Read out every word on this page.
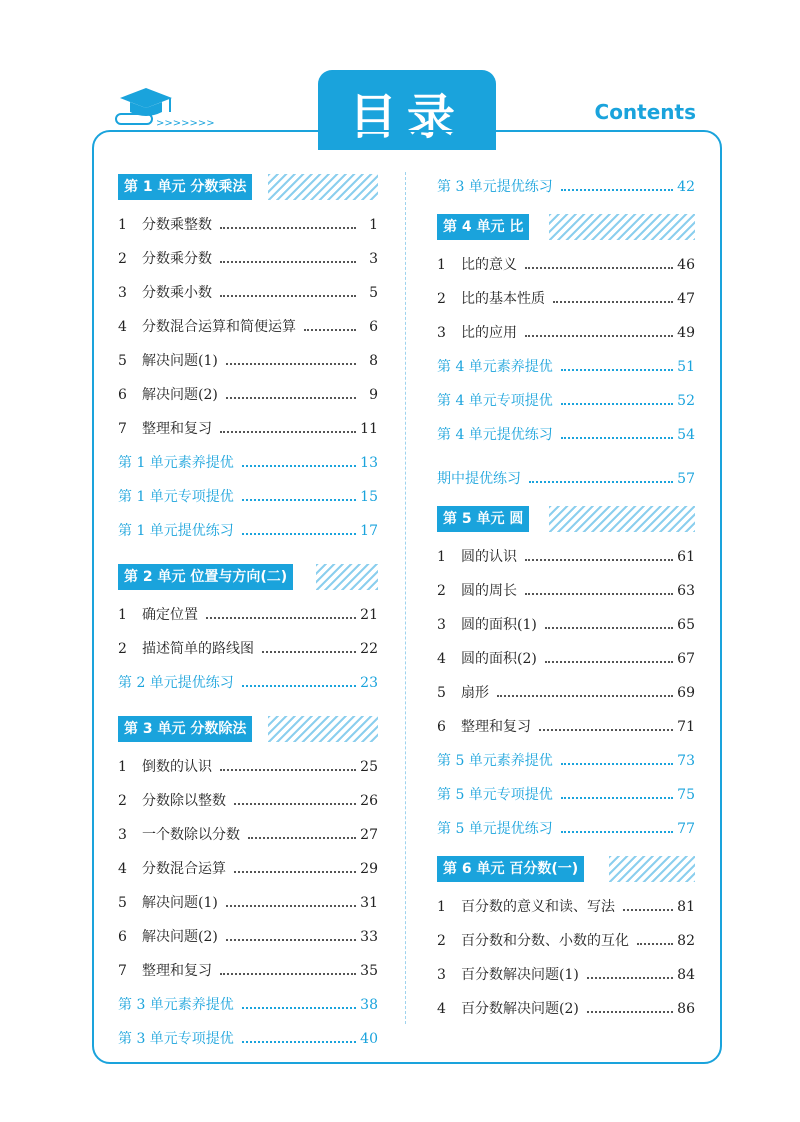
>>>>>>>	目录	Contents
第 1 单元 分数乘法
1	分数乘整数	1
2	分数乘分数	3
3	分数乘小数	5
4	分数混合运算和简便运算	6
5	解决问题(1)	8
6	解决问题(2)	9
7	整理和复习	11
第 1 单元素养提优	13
第 1 单元专项提优	15
第 1 单元提优练习	17
第 2 单元 位置与方向(二)
1	确定位置	21
2	描述简单的路线图	22
第 2 单元提优练习	23
第 3 单元 分数除法
1	倒数的认识	25
2	分数除以整数	26
3	一个数除以分数	27
4	分数混合运算	29
5	解决问题(1)	31
6	解决问题(2)	33
7	整理和复习	35
第 3 单元素养提优	38
第 3 单元专项提优	40
第 3 单元提优练习	42
第 4 单元 比
1	比的意义	46
2	比的基本性质	47
3	比的应用	49
第 4 单元素养提优	51
第 4 单元专项提优	52
第 4 单元提优练习	54
期中提优练习	57
第 5 单元 圆
1	圆的认识	61
2	圆的周长	63
3	圆的面积(1)	65
4	圆的面积(2)	67
5	扇形	69
6	整理和复习	71
第 5 单元素养提优	73
第 5 单元专项提优	75
第 5 单元提优练习	77
第 6 单元 百分数(一)
1	百分数的意义和读、写法	81
2	百分数和分数、小数的互化	82
3	百分数解决问题(1)	84
4	百分数解决问题(2)	86
